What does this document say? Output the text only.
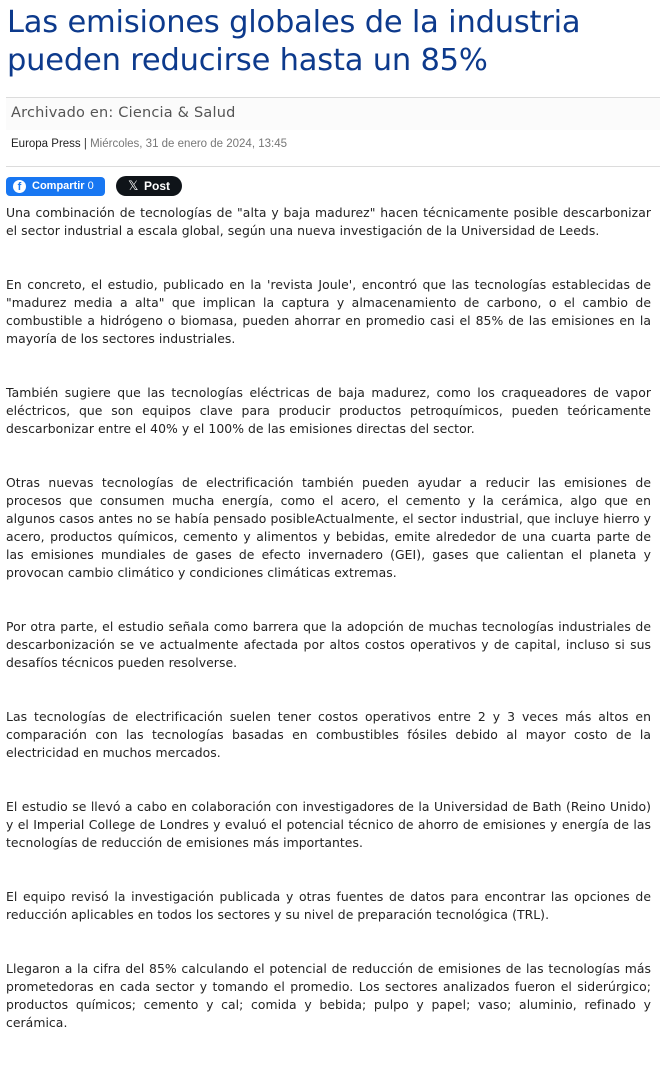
Las emisiones globales de la industria pueden reducirse hasta un 85%
Archivado en: Ciencia & Salud
Europa Press | Miércoles, 31 de enero de 2024, 13:45
f Compartir 0	𝕏 Post

Una combinación de tecnologías de "alta y baja madurez" hacen técnicamente posible descarbonizar el sector industrial a escala global, según una nueva investigación de la Universidad de Leeds.

En concreto, el estudio, publicado en la 'revista Joule', encontró que las tecnologías establecidas de "madurez media a alta" que implican la captura y almacenamiento de carbono, o el cambio de combustible a hidrógeno o biomasa, pueden ahorrar en promedio casi el 85% de las emisiones en la mayoría de los sectores industriales.

También sugiere que las tecnologías eléctricas de baja madurez, como los craqueadores de vapor eléctricos, que son equipos clave para producir productos petroquímicos, pueden teóricamente descarbonizar entre el 40% y el 100% de las emisiones directas del sector.

Otras nuevas tecnologías de electrificación también pueden ayudar a reducir las emisiones de procesos que consumen mucha energía, como el acero, el cemento y la cerámica, algo que en algunos casos antes no se había pensado posibleActualmente, el sector industrial, que incluye hierro y acero, productos químicos, cemento y alimentos y bebidas, emite alrededor de una cuarta parte de las emisiones mundiales de gases de efecto invernadero (GEI), gases que calientan el planeta y provocan cambio climático y condiciones climáticas extremas.

Por otra parte, el estudio señala como barrera que la adopción de muchas tecnologías industriales de descarbonización se ve actualmente afectada por altos costos operativos y de capital, incluso si sus desafíos técnicos pueden resolverse.

Las tecnologías de electrificación suelen tener costos operativos entre 2 y 3 veces más altos en comparación con las tecnologías basadas en combustibles fósiles debido al mayor costo de la electricidad en muchos mercados.

El estudio se llevó a cabo en colaboración con investigadores de la Universidad de Bath (Reino Unido) y el Imperial College de Londres y evaluó el potencial técnico de ahorro de emisiones y energía de las tecnologías de reducción de emisiones más importantes.

El equipo revisó la investigación publicada y otras fuentes de datos para encontrar las opciones de reducción aplicables en todos los sectores y su nivel de preparación tecnológica (TRL).

Llegaron a la cifra del 85% calculando el potencial de reducción de emisiones de las tecnologías más prometedoras en cada sector y tomando el promedio. Los sectores analizados fueron el siderúrgico; productos químicos; cemento y cal; comida y bebida; pulpo y papel; vaso; aluminio, refinado y cerámica.
